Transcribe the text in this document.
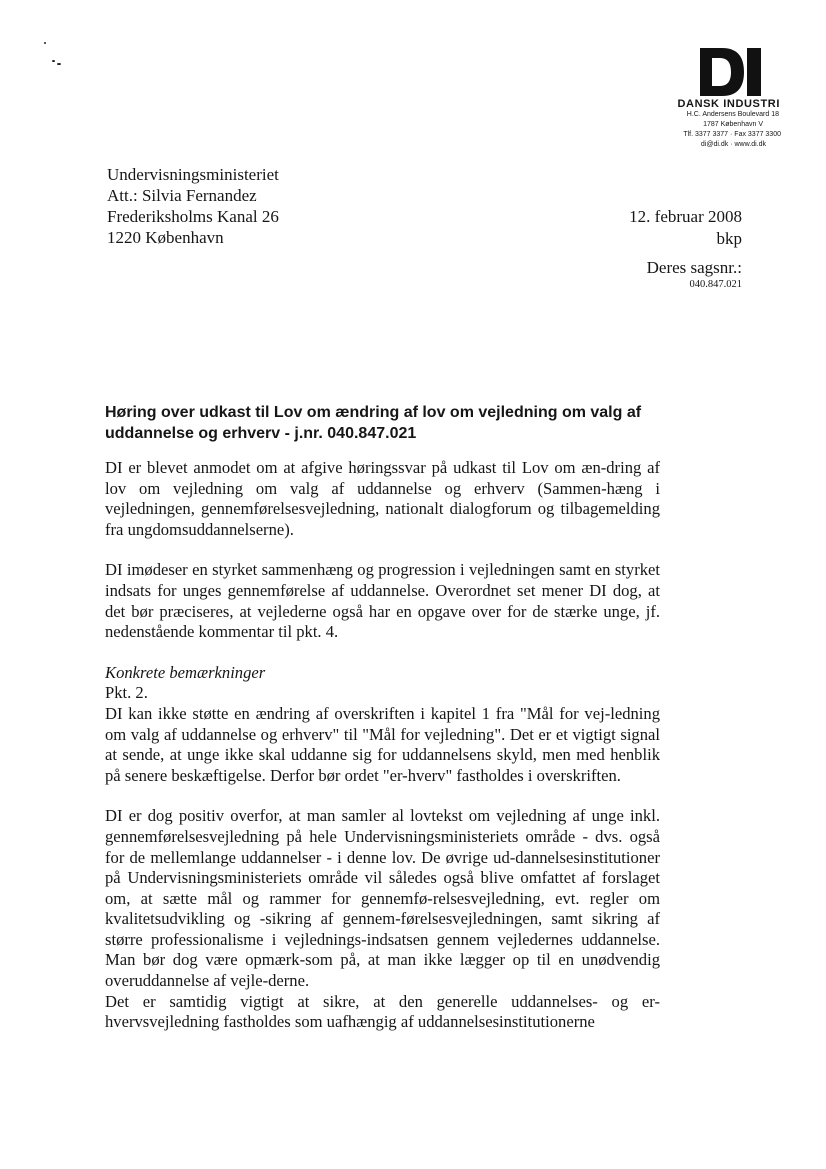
DANSK INDUSTRI
H.C. Andersens Boulevard 18
1787 København V
Tlf. 3377 3377 · Fax 3377 3300
di@di.dk · www.di.dk
Undervisningsministeriet
Att.: Silvia Fernandez
Frederiksholms Kanal 26
1220 København
12. februar 2008
bkp
Deres sagsnr.:
040.847.021
Høring over udkast til Lov om ændring af lov om vejledning om valg af uddannelse og erhverv - j.nr. 040.847.021

DI er blevet anmodet om at afgive høringssvar på udkast til Lov om æn-dring af lov om vejledning om valg af uddannelse og erhverv (Sammen-hæng i vejledningen, gennemførelsesvejledning, nationalt dialogforum og tilbagemelding fra ungdomsuddannelserne).

DI imødeser en styrket sammenhæng og progression i vejledningen samt en styrket indsats for unges gennemførelse af uddannelse. Overordnet set mener DI dog, at det bør præciseres, at vejlederne også har en opgave over for de stærke unge, jf. nedenstående kommentar til pkt. 4.

Konkrete bemærkninger

Pkt. 2.

DI kan ikke støtte en ændring af overskriften i kapitel 1 fra "Mål for vej-ledning om valg af uddannelse og erhverv" til "Mål for vejledning". Det er et vigtigt signal at sende, at unge ikke skal uddanne sig for uddannelsens skyld, men med henblik på senere beskæftigelse. Derfor bør ordet "er-hverv" fastholdes i overskriften.

DI er dog positiv overfor, at man samler al lovtekst om vejledning af unge inkl. gennemførelsesvejledning på hele Undervisningsministeriets område - dvs. også for de mellemlange uddannelser - i denne lov. De øvrige ud-dannelsesinstitutioner på Undervisningsministeriets område vil således også blive omfattet af forslaget om, at sætte mål og rammer for gennemfø-relsesvejledning, evt. regler om kvalitetsudvikling og -sikring af gennem-førelsesvejledningen, samt sikring af større professionalisme i vejlednings-indsatsen gennem vejledernes uddannelse. Man bør dog være opmærk-som på, at man ikke lægger op til en unødvendig overuddannelse af vejle-derne.

Det er samtidig vigtigt at sikre, at den generelle uddannelses- og er-hvervsvejledning fastholdes som uafhængig af uddannelsesinstitutionerne
